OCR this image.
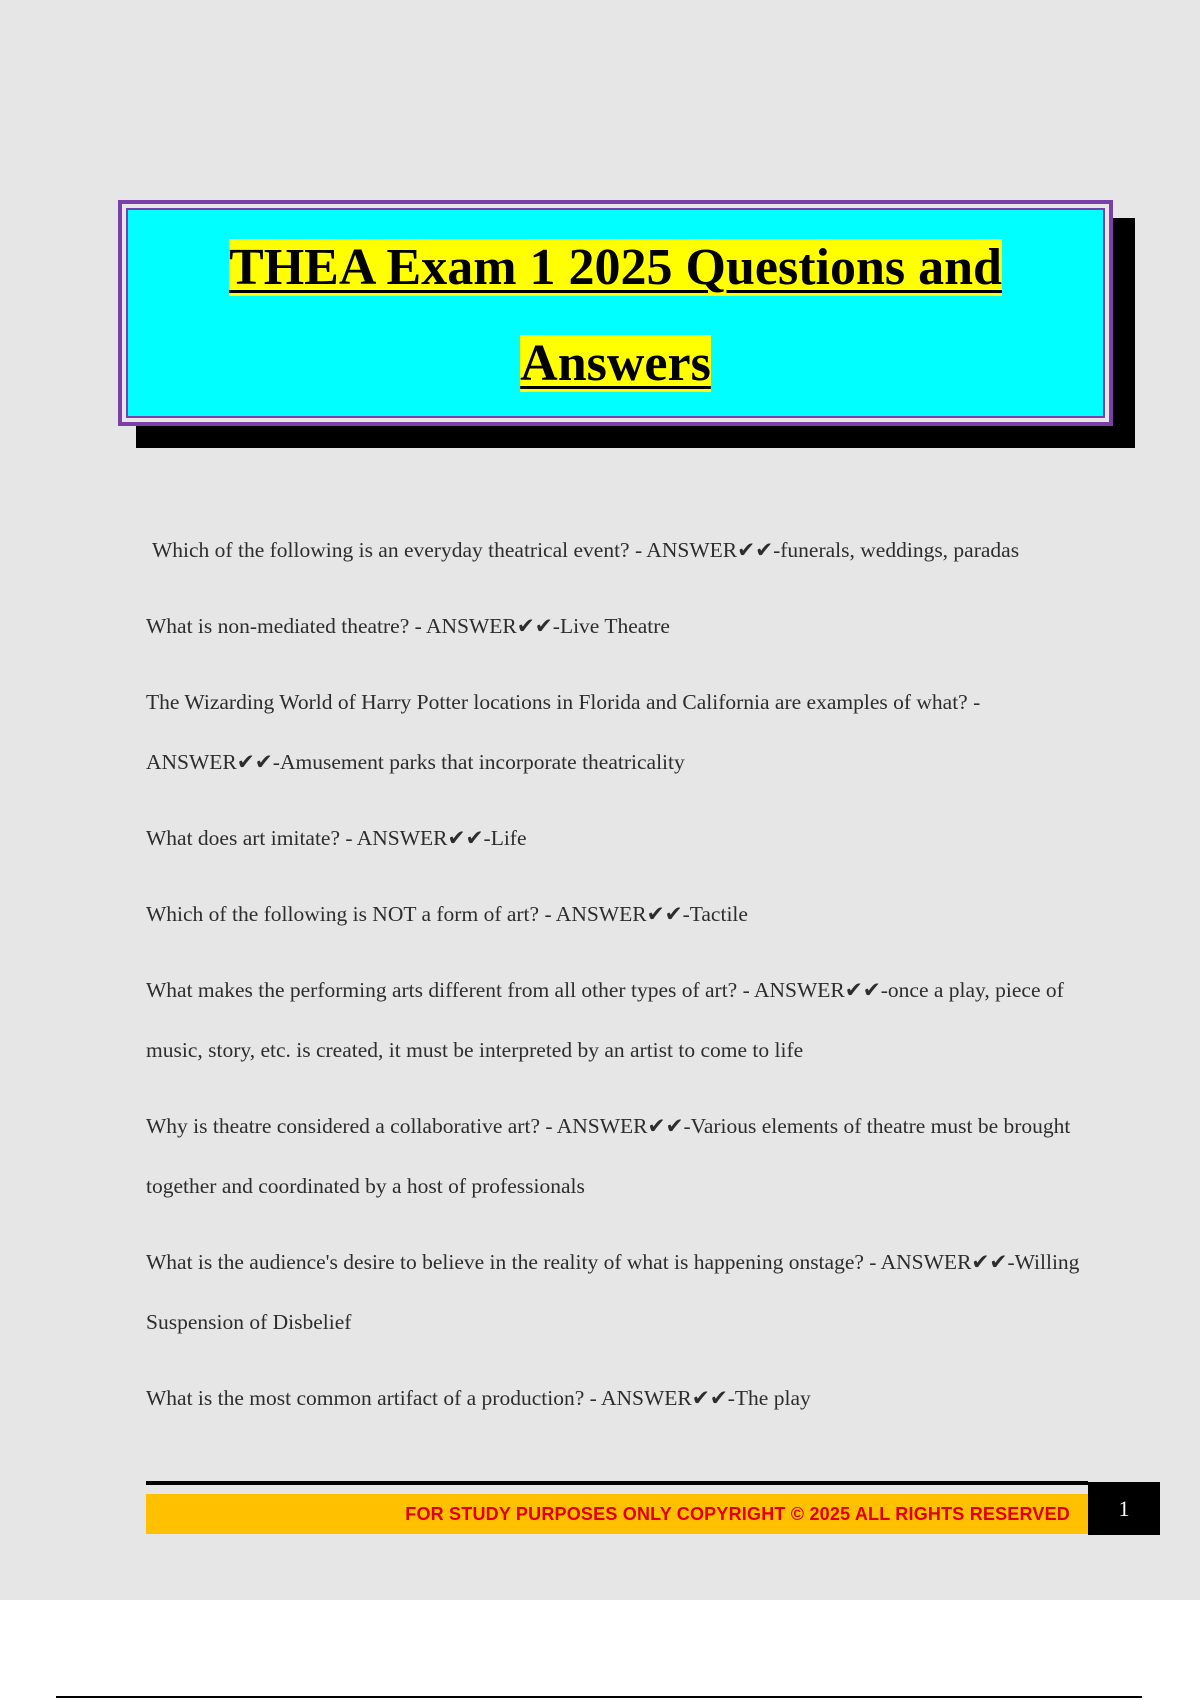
THEA Exam 1 2025 Questions and
Answers
Which of the following is an everyday theatrical event? - ANSWER✔✔-funerals, weddings, paradas
What is non-mediated theatre? - ANSWER✔✔-Live Theatre
The Wizarding World of Harry Potter locations in Florida and California are examples of what? - ANSWER✔✔-Amusement parks that incorporate theatricality
What does art imitate? - ANSWER✔✔-Life
Which of the following is NOT a form of art? - ANSWER✔✔-Tactile
What makes the performing arts different from all other types of art? - ANSWER✔✔-once a play, piece of music, story, etc. is created, it must be interpreted by an artist to come to life
Why is theatre considered a collaborative art? - ANSWER✔✔-Various elements of theatre must be brought together and coordinated by a host of professionals
What is the audience's desire to believe in the reality of what is happening onstage? - ANSWER✔✔-Willing Suspension of Disbelief
What is the most common artifact of a production? - ANSWER✔✔-The play
FOR STUDY PURPOSES ONLY COPYRIGHT © 2025 ALL RIGHTS RESERVED	1
